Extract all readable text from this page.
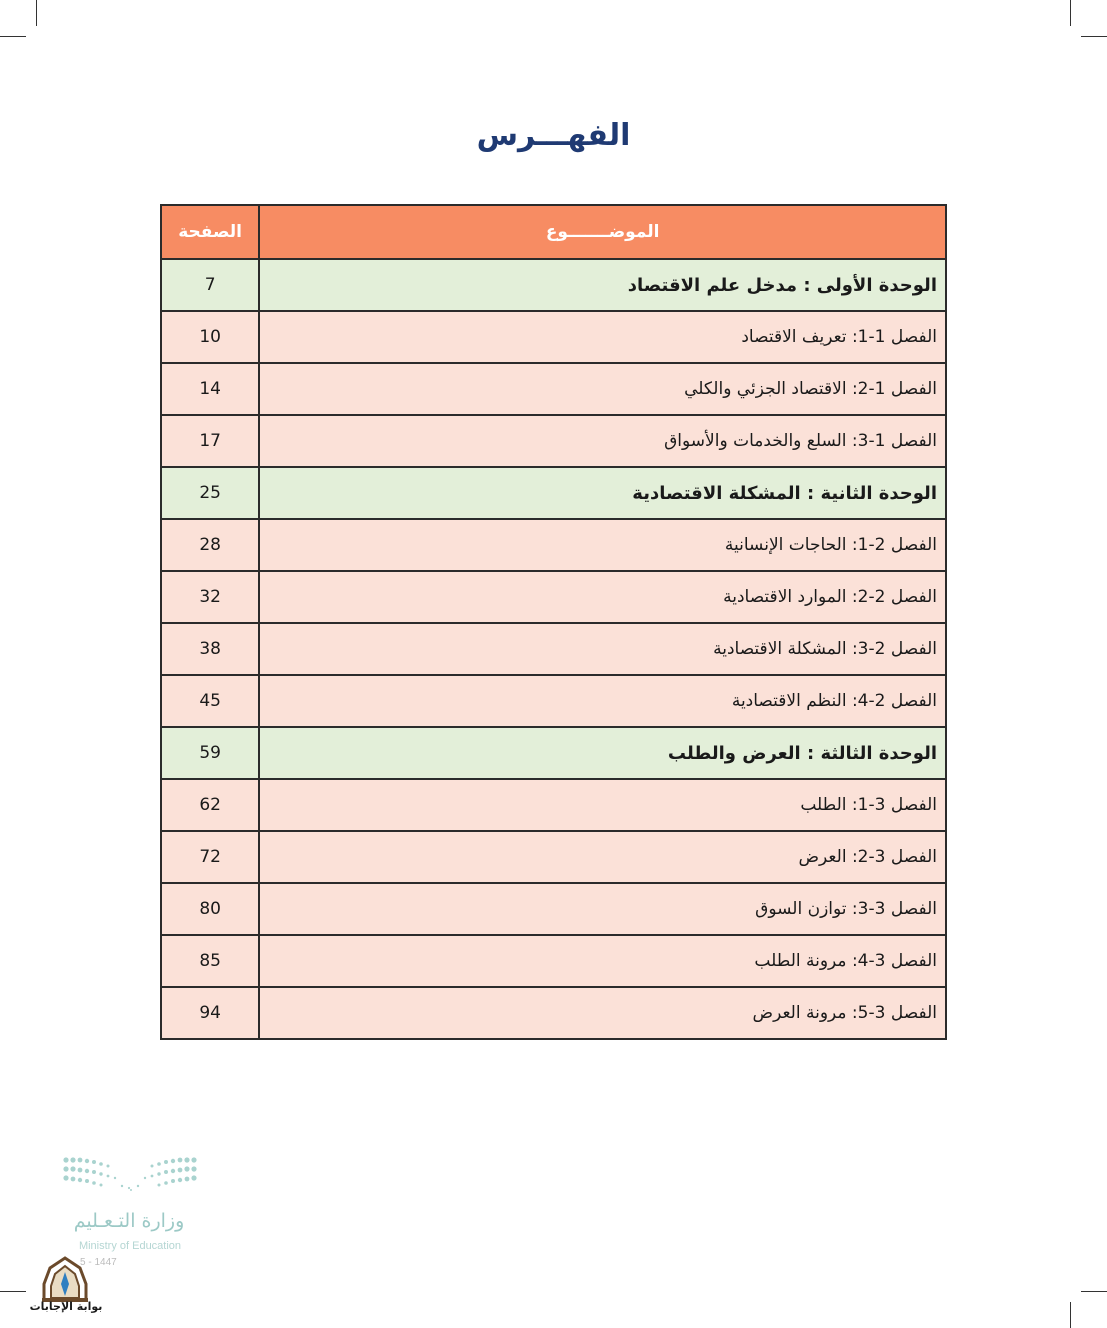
الفهـــرس
الموضـــــــوع	الصفحة
الوحدة الأولى : مدخل علم الاقتصاد	7
الفصل 1-1: تعريف الاقتصاد	10
الفصل 1-2: الاقتصاد الجزئي والكلي	14
الفصل 1-3: السلع والخدمات والأسواق	17
الوحدة الثانية : المشكلة الاقتصادية	25
الفصل 2-1: الحاجات الإنسانية	28
الفصل 2-2: الموارد الاقتصادية	32
الفصل 2-3: المشكلة الاقتصادية	38
الفصل 2-4: النظم الاقتصادية	45
الوحدة الثالثة : العرض والطلب	59
الفصل 3-1: الطلب	62
الفصل 3-2: العرض	72
الفصل 3-3: توازن السوق	80
الفصل 3-4: مرونة الطلب	85
الفصل 3-5: مرونة العرض	94
وزارة التـعـليم
Ministry of Education
5 - 1447
بوابة الإجابات
